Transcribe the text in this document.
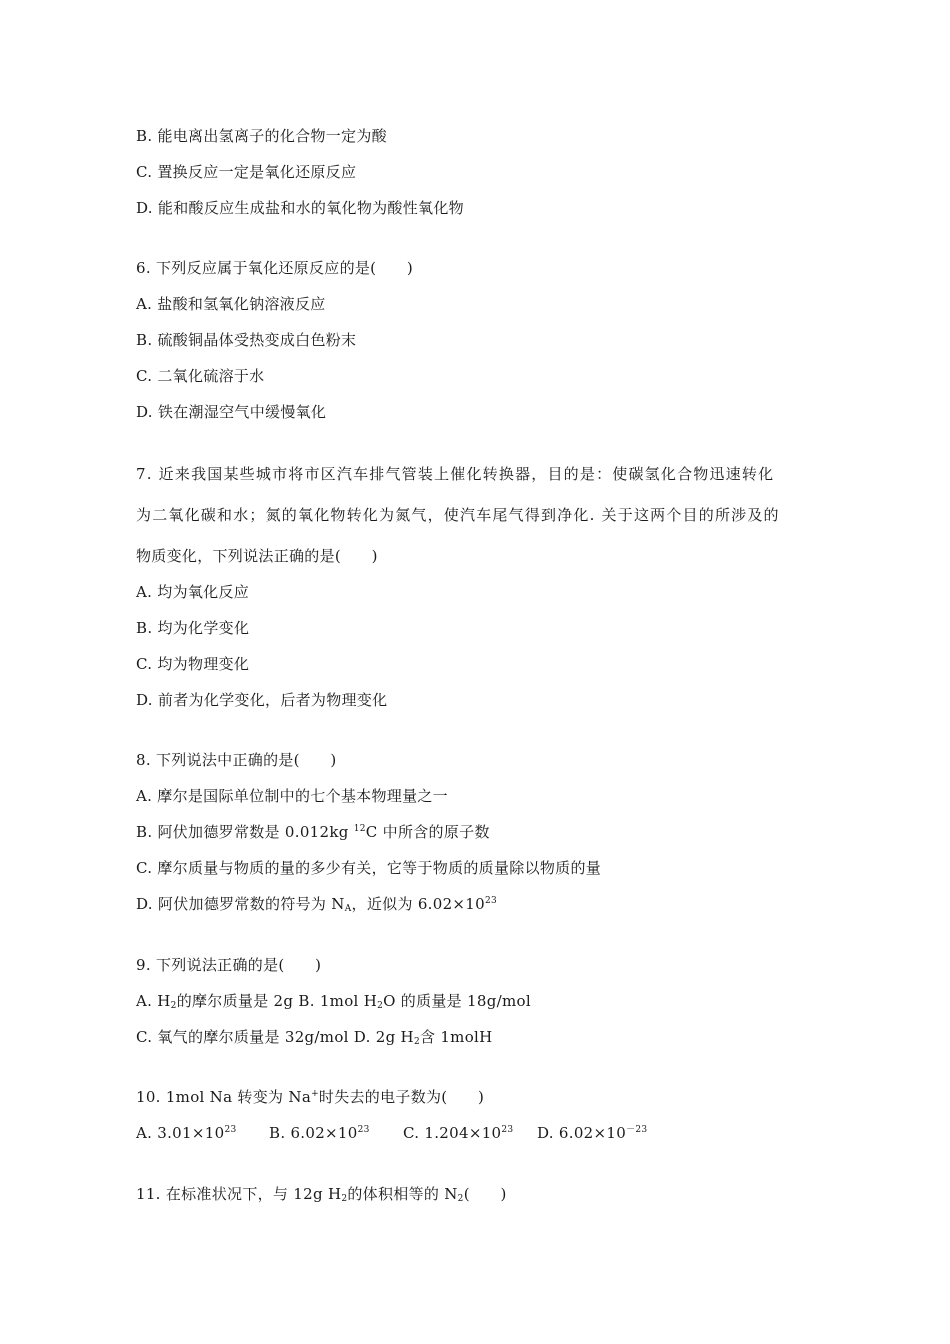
B. 能电离出氢离子的化合物一定为酸
C. 置换反应一定是氧化还原反应
D. 能和酸反应生成盐和水的氧化物为酸性氧化物
6. 下列反应属于氧化还原反应的是(　　)
A. 盐酸和氢氧化钠溶液反应
B. 硫酸铜晶体受热变成白色粉末
C. 二氧化硫溶于水
D. 铁在潮湿空气中缓慢氧化
7. 近来我国某些城市将市区汽车排气管装上催化转换器，目的是：使碳氢化合物迅速转化
为二氧化碳和水；氮的氧化物转化为氮气，使汽车尾气得到净化. 关于这两个目的所涉及的
物质变化，下列说法正确的是(　　)
A. 均为氧化反应
B. 均为化学变化
C. 均为物理变化
D. 前者为化学变化，后者为物理变化
8. 下列说法中正确的是(　　)
A. 摩尔是国际单位制中的七个基本物理量之一
B. 阿伏加德罗常数是 0.012kg $^{12}$C 中所含的原子数
C. 摩尔质量与物质的量的多少有关，它等于物质的质量除以物质的量
D. 阿伏加德罗常数的符号为 $N_A$，近似为 $6.02\times 10^{23}$
9. 下列说法正确的是(　　)
A. $H_2$的摩尔质量是 2g B. 1mol $H_2O$ 的质量是 18g/mol
C. 氧气的摩尔质量是 32g/mol D. 2g $H_2$含 1molH
10. 1mol Na 转变为 Na+时失去的电子数为(　　)
A. $3.01\times 10^{23}$ B. $6.02\times 10^{23}$ C. $1.204\times 10^{23}$ D. $6.02\times 10^{-23}$
11. 在标准状况下，与 12g $H_2$的体积相等的 $N_2$(　　)
